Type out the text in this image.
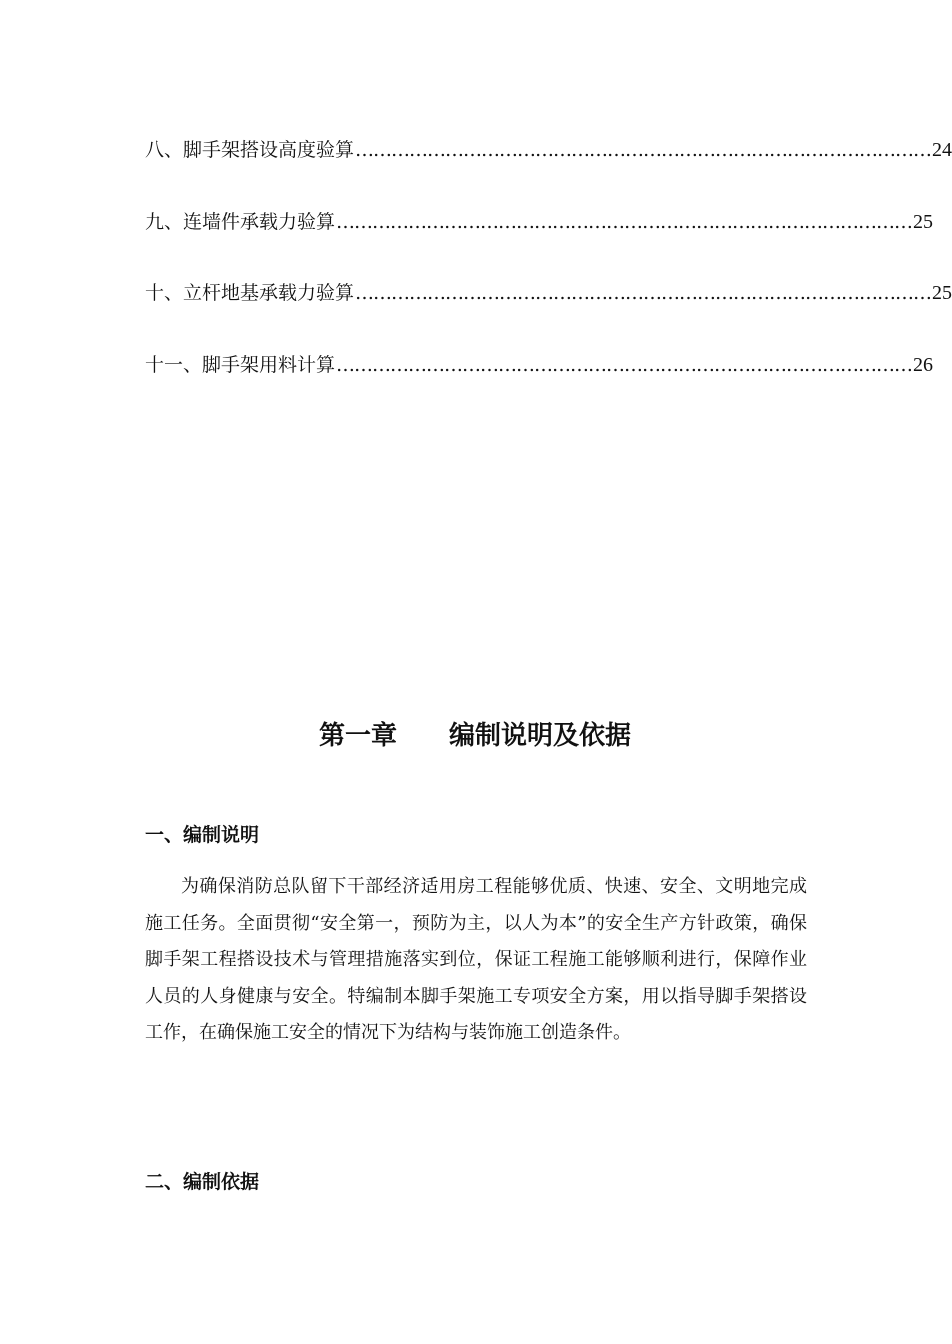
八、脚手架搭设高度验算 …………………………………………………………………………………… 24
九、连墙件承载力验算 …………………………………………………………………………………… 25
十、立杆地基承载力验算 …………………………………………………………………………………… 25
十一、脚手架用料计算 …………………………………………………………………………………… 26
第一章　　编制说明及依据
一、编制说明
为确保消防总队留下干部经济适用房工程能够优质、快速、安全、文明地完成施工任务。全面贯彻“安全第一，预防为主，以人为本”的安全生产方针政策，确保脚手架工程搭设技术与管理措施落实到位，保证工程施工能够顺利进行，保障作业人员的人身健康与安全。特编制本脚手架施工专项安全方案，用以指导脚手架搭设工作，在确保施工安全的情况下为结构与装饰施工创造条件。
二、编制依据
